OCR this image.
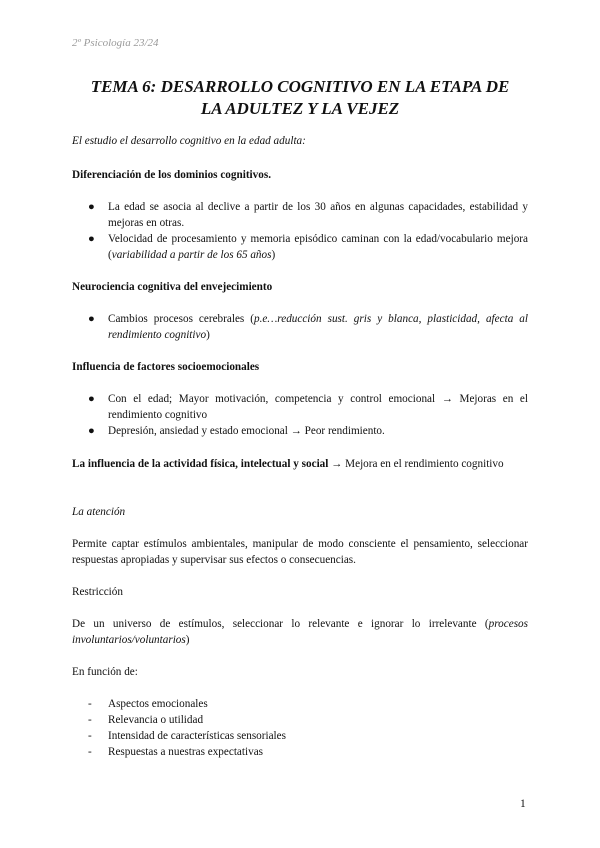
2º Psicología 23/24
TEMA 6: DESARROLLO COGNITIVO EN LA ETAPA DE
LA ADULTEZ Y LA VEJEZ
El estudio el desarrollo cognitivo en la edad adulta:
Diferenciación de los dominios cognitivos.
● La edad se asocia al declive a partir de los 30 años en algunas capacidades, estabilidad y mejoras en otras.
● Velocidad de procesamiento y memoria episódico caminan con la edad/vocabulario mejora (variabilidad a partir de los 65 años)
Neurociencia cognitiva del envejecimiento
● Cambios procesos cerebrales (p.e…reducción sust. gris y blanca, plasticidad, afecta al rendimiento cognitivo)
Influencia de factores socioemocionales
● Con el edad; Mayor motivación, competencia y control emocional → Mejoras en el rendimiento cognitivo
● Depresión, ansiedad y estado emocional → Peor rendimiento.
La influencia de la actividad física, intelectual y social → Mejora en el rendimiento cognitivo
La atención
Permite captar estímulos ambientales, manipular de modo consciente el pensamiento, seleccionar respuestas apropiadas y supervisar sus efectos o consecuencias.
Restricción
De un universo de estímulos, seleccionar lo relevante e ignorar lo irrelevante (procesos involuntarios/voluntarios)
En función de:
- Aspectos emocionales
- Relevancia o utilidad
- Intensidad de características sensoriales
- Respuestas a nuestras expectativas
1
